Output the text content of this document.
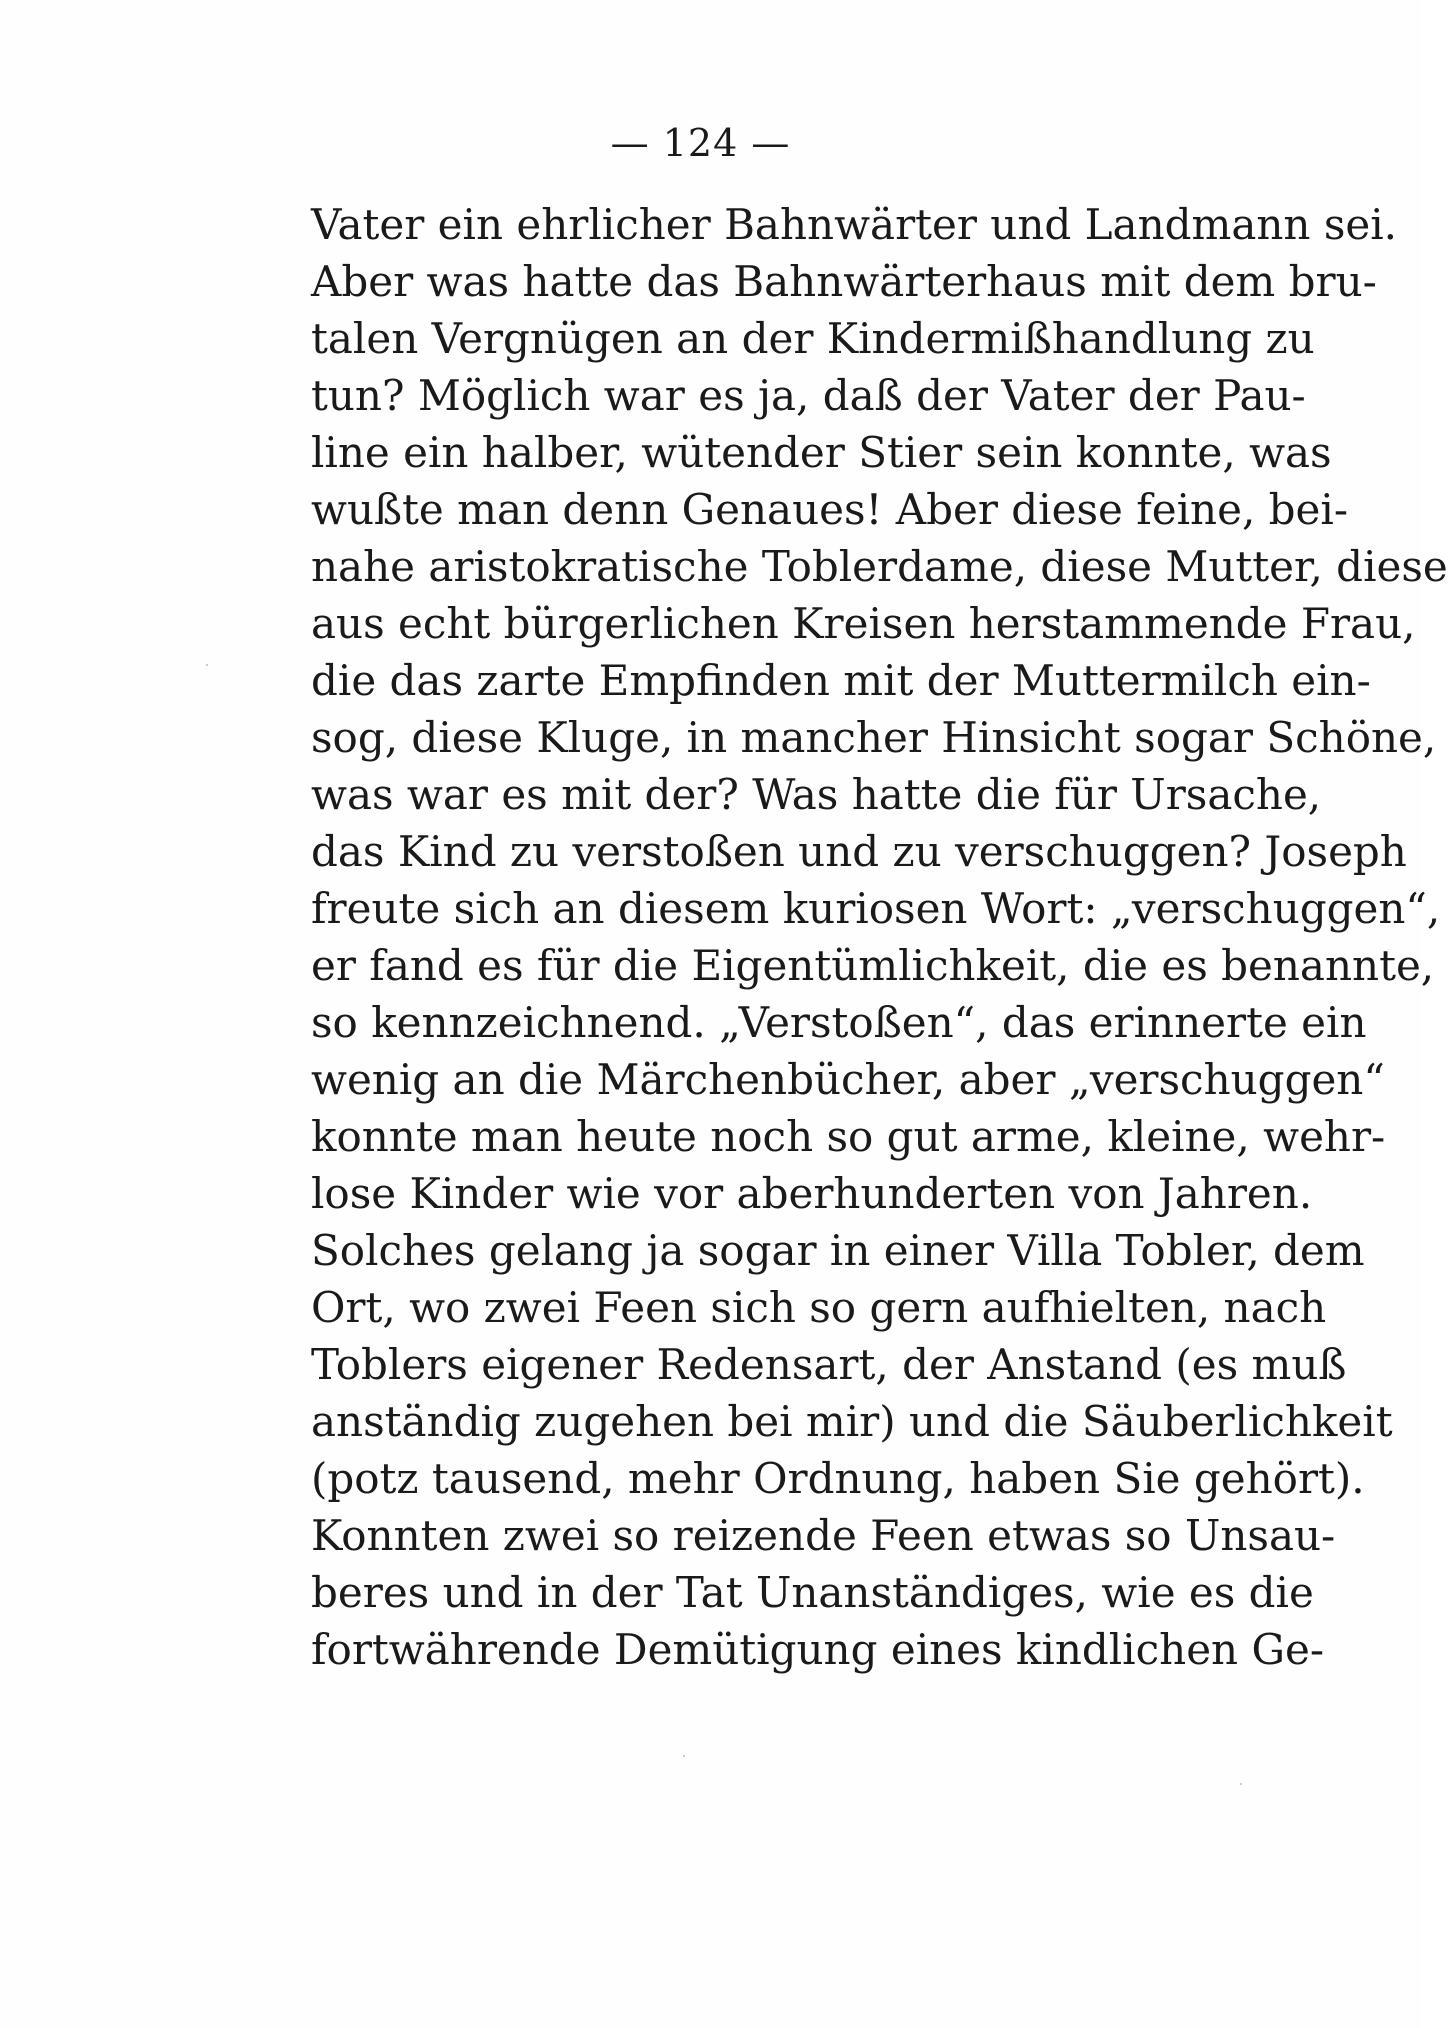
— 124 —
Vater ein ehrlicher Bahnwärter und Landmann sei.
Aber was hatte das Bahnwärterhaus mit dem bru-
talen Vergnügen an der Kindermißhandlung zu
tun? Möglich war es ja, daß der Vater der Pau-
line ein halber, wütender Stier sein konnte, was
wußte man denn Genaues! Aber diese feine, bei-
nahe aristokratische Toblerdame, diese Mutter, diese
aus echt bürgerlichen Kreisen herstammende Frau,
die das zarte Empfinden mit der Muttermilch ein-
sog, diese Kluge, in mancher Hinsicht sogar Schöne,
was war es mit der? Was hatte die für Ursache,
das Kind zu verstoßen und zu verschuggen? Joseph
freute sich an diesem kuriosen Wort: „verschuggen“,
er fand es für die Eigentümlichkeit, die es benannte,
so kennzeichnend. „Verstoßen“, das erinnerte ein
wenig an die Märchenbücher, aber „verschuggen“
konnte man heute noch so gut arme, kleine, wehr-
lose Kinder wie vor aberhunderten von Jahren.
Solches gelang ja sogar in einer Villa Tobler, dem
Ort, wo zwei Feen sich so gern aufhielten, nach
Toblers eigener Redensart, der Anstand (es muß
anständig zugehen bei mir) und die Säuberlichkeit
(potz tausend, mehr Ordnung, haben Sie gehört).
Konnten zwei so reizende Feen etwas so Unsau-
beres und in der Tat Unanständiges, wie es die
fortwährende Demütigung eines kindlichen Ge-
